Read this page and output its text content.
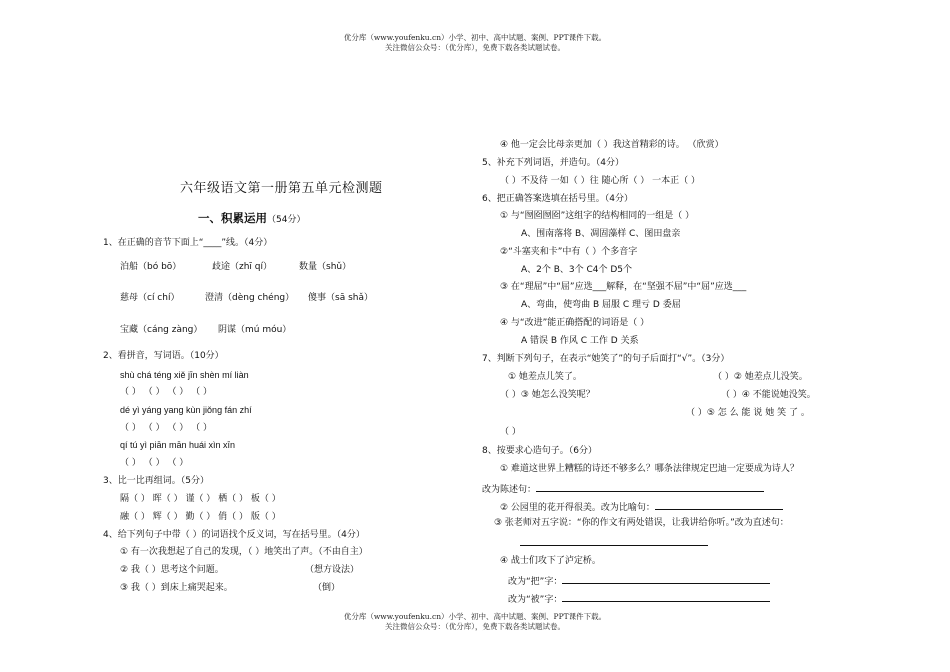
优分库（www.youfenku.cn）小学、初中、高中试题、案例、PPT课件下载。
关注微信公众号：（优分库），免费下载各类试题试卷。
六年级语文第一册第五单元检测题
一、积累运用（54分）
1、在正确的音节下面上“____”线。（4分）
泊船（bó bō）	歧途（zhī qí）	数量（shǔ）
慈母（cí chí）	澄清（dèng chéng） 傻事（sā shǎ）
宝藏（cáng zàng） 阴谋（mú móu）
2、看拼音，写词语。（10分）
shù chá téng xiě jīn shèn mí liàn
（ ） （ ） （ ） （ ）
dé yì yáng yang kùn jiǒng fán zhí
（ ） （ ） （ ） （ ）
qí tú yì piān mān huái xìn xīn
（ ） （ ） （ ）
3、比一比再组词。（5分）
隔（ ） 晖（ ） 谨（ ） 栖（ ） 板（ ）
融（ ） 辉（ ） 勤（ ） 俏（ ） 版（ ）
4、给下列句子中带（ ）的词语找个反义词，写在括号里。（4分）
① 有一次我想起了自己的发现，（ ）地笑出了声。（不由自主）
② 我（ ）思考这个问题。	（想方设法）
③ 我（ ）到床上痛哭起来。	（倒）
④ 他一定会比母亲更加（ ）我这首精彩的诗。 （欣赏）
5、补充下列词语，并造句。（4分）
（ ）不及待 一如（ ）往 随心所（ ） 一本正（ ）
6、把正确答案选填在括号里。（4分）
① 与“囫囵囫囵”这组字的结构相同的一组是（ ）
A、围南落将 B、凋固藻样 C、图田盘亲
②“斗塞夹和卡”中有（ ）个多音字
A、2个 B、3个 C4个 D5个
③ 在“理屈”中“屈”应选___解释，在“坚强不屈”中“屈”应选___
A、弯曲，使弯曲 B 屈服 C 理亏 D 委屈
④ 与“改进”能正确搭配的词语是（ ）
A 错误 B 作风 C 工作 D 关系
7、判断下列句子，在表示“她笑了”的句子后面打“√”。（3分）
① 她差点儿笑了。	（ ）② 她差点儿没笑。
（ ）③ 她怎么没笑呢？	（ ）④ 不能说她没笑。
（ ）⑤ 怎 么 能 说 她 笑 了 。
（ ）
8、按要求心造句子。（6分）
① 难道这世界上糟糕的诗还不够多么？哪条法律规定巴迪一定要成为诗人？
改为陈述句：
② 公园里的花开得很美。改为比喻句：
③ 张老师对五字说：“你的作文有两处错误，让我讲给你听。”改为直述句：
④ 战士们攻下了泸定桥。
改为“把”字：
改为“被”字：
优分库（www.youfenku.cn）小学、初中、高中试题、案例、PPT课件下载。
关注微信公众号：（优分库），免费下载各类试题试卷。
